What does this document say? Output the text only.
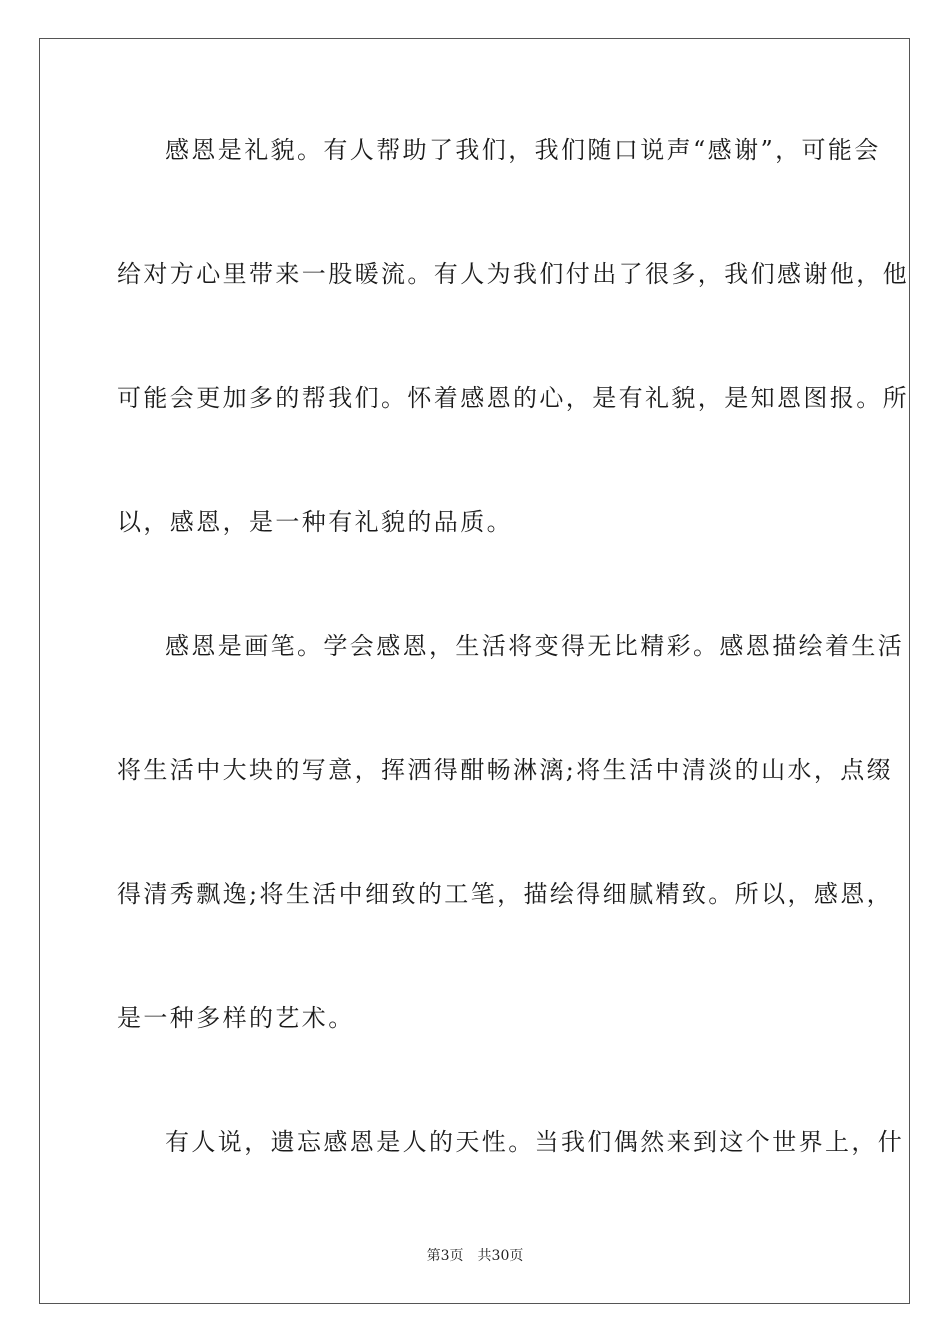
感恩是礼貌。有人帮助了我们，我们随口说声“感谢”，可能会
给对方心里带来一股暖流。有人为我们付出了很多，我们感谢他，他
可能会更加多的帮我们。怀着感恩的心，是有礼貌，是知恩图报。所
以，感恩，是一种有礼貌的品质。
感恩是画笔。学会感恩，生活将变得无比精彩。感恩描绘着生活
将生活中大块的写意，挥洒得酣畅淋漓;将生活中清淡的山水，点缀
得清秀飘逸;将生活中细致的工笔，描绘得细腻精致。所以，感恩，
是一种多样的艺术。
有人说，遗忘感恩是人的天性。当我们偶然来到这个世界上，什
第3页 共30页
